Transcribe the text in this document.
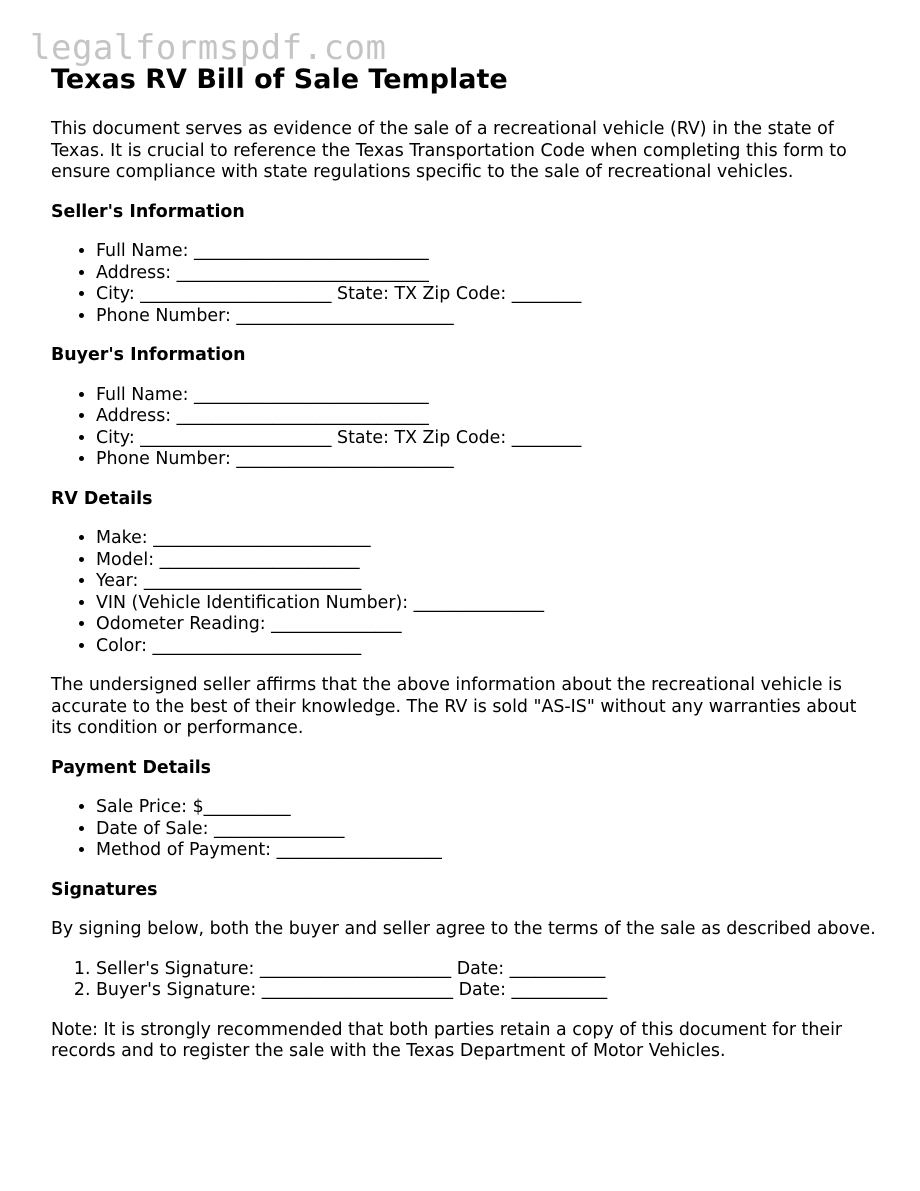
legalformspdf.com
Texas RV Bill of Sale Template

This document serves as evidence of the sale of a recreational vehicle (RV) in the state of Texas. It is crucial to reference the Texas Transportation Code when completing this form to ensure compliance with state regulations specific to the sale of recreational vehicles.

Seller's Information
• Full Name: ___________________________
• Address: _____________________________
• City: ______________________ State: TX Zip Code: ________
• Phone Number: _________________________
Buyer's Information
• Full Name: ___________________________
• Address: _____________________________
• City: ______________________ State: TX Zip Code: ________
• Phone Number: _________________________
RV Details
• Make: _________________________
• Model: _______________________
• Year: _________________________
• VIN (Vehicle Identification Number): _______________
• Odometer Reading: _______________
• Color: ________________________

The undersigned seller affirms that the above information about the recreational vehicle is accurate to the best of their knowledge. The RV is sold "AS-IS" without any warranties about its condition or performance.

Payment Details
• Sale Price: $__________
• Date of Sale: _______________
• Method of Payment: ___________________
Signatures

By signing below, both the buyer and seller agree to the terms of the sale as described above.

1. Seller's Signature: ______________________ Date: ___________
2. Buyer's Signature: ______________________ Date: ___________

Note: It is strongly recommended that both parties retain a copy of this document for their records and to register the sale with the Texas Department of Motor Vehicles.
